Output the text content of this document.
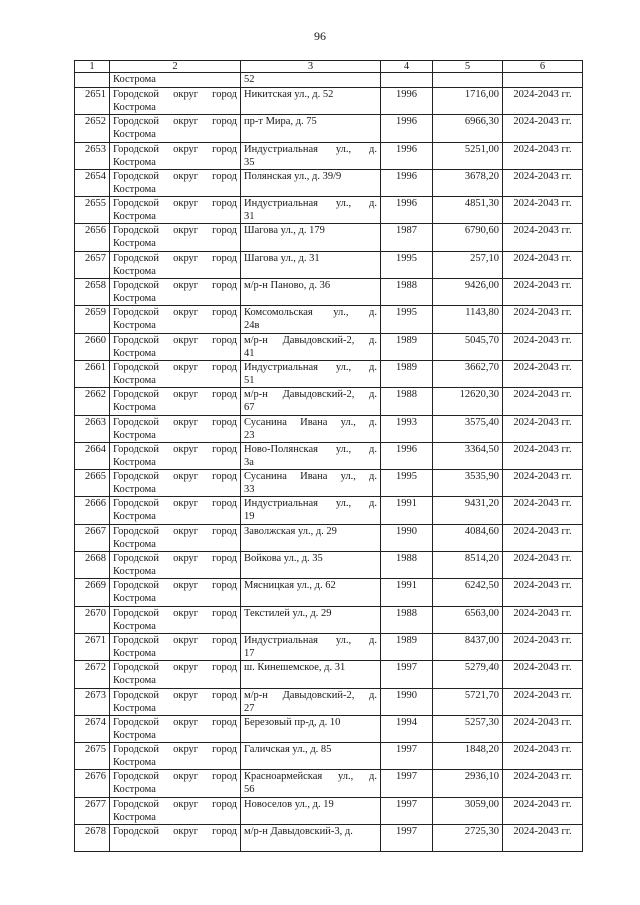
96
1	2	3	4	5	6
	Кострома	52			
2651	Городской округ город
Кострома	Никитская ул., д. 52	1996	1716,00	2024-2043 гг.
2652	Городской округ город
Кострома	пр-т Мира, д. 75	1996	6966,30	2024-2043 гг.
2653	Городской округ город
Кострома	Индустриальная ул., д.
35	1996	5251,00	2024-2043 гг.
2654	Городской округ город
Кострома	Полянская ул., д. 39/9	1996	3678,20	2024-2043 гг.
2655	Городской округ город
Кострома	Индустриальная ул., д.
31	1996	4851,30	2024-2043 гг.
2656	Городской округ город
Кострома	Шагова ул., д. 179	1987	6790,60	2024-2043 гг.
2657	Городской округ город
Кострома	Шагова ул., д. 31	1995	257,10	2024-2043 гг.
2658	Городской округ город
Кострома	м/р-н Паново, д. 36	1988	9426,00	2024-2043 гг.
2659	Городской округ город
Кострома	Комсомольская ул., д.
24в	1995	1143,80	2024-2043 гг.
2660	Городской округ город
Кострома	м/р-н Давыдовский-2, д.
41	1989	5045,70	2024-2043 гг.
2661	Городской округ город
Кострома	Индустриальная ул., д.
51	1989	3662,70	2024-2043 гг.
2662	Городской округ город
Кострома	м/р-н Давыдовский-2, д.
67	1988	12620,30	2024-2043 гг.
2663	Городской округ город
Кострома	Сусанина Ивана ул., д.
23	1993	3575,40	2024-2043 гг.
2664	Городской округ город
Кострома	Ново-Полянская ул., д.
3а	1996	3364,50	2024-2043 гг.
2665	Городской округ город
Кострома	Сусанина Ивана ул., д.
33	1995	3535,90	2024-2043 гг.
2666	Городской округ город
Кострома	Индустриальная ул., д.
19	1991	9431,20	2024-2043 гг.
2667	Городской округ город
Кострома	Заволжская ул., д. 29	1990	4084,60	2024-2043 гг.
2668	Городской округ город
Кострома	Войкова ул., д. 35	1988	8514,20	2024-2043 гг.
2669	Городской округ город
Кострома	Мясницкая ул., д. 62	1991	6242,50	2024-2043 гг.
2670	Городской округ город
Кострома	Текстилей ул., д. 29	1988	6563,00	2024-2043 гг.
2671	Городской округ город
Кострома	Индустриальная ул., д.
17	1989	8437,00	2024-2043 гг.
2672	Городской округ город
Кострома	ш. Кинешемское, д. 31	1997	5279,40	2024-2043 гг.
2673	Городской округ город
Кострома	м/р-н Давыдовский-2, д.
27	1990	5721,70	2024-2043 гг.
2674	Городской округ город
Кострома	Березовый пр-д, д. 10	1994	5257,30	2024-2043 гг.
2675	Городской округ город
Кострома	Галичская ул., д. 85	1997	1848,20	2024-2043 гг.
2676	Городской округ город
Кострома	Красноармейская ул., д.
56	1997	2936,10	2024-2043 гг.
2677	Городской округ город
Кострома	Новоселов ул., д. 19	1997	3059,00	2024-2043 гг.
2678	Городской округ город	м/р-н Давыдовский-3, д.	1997	2725,30	2024-2043 гг.
